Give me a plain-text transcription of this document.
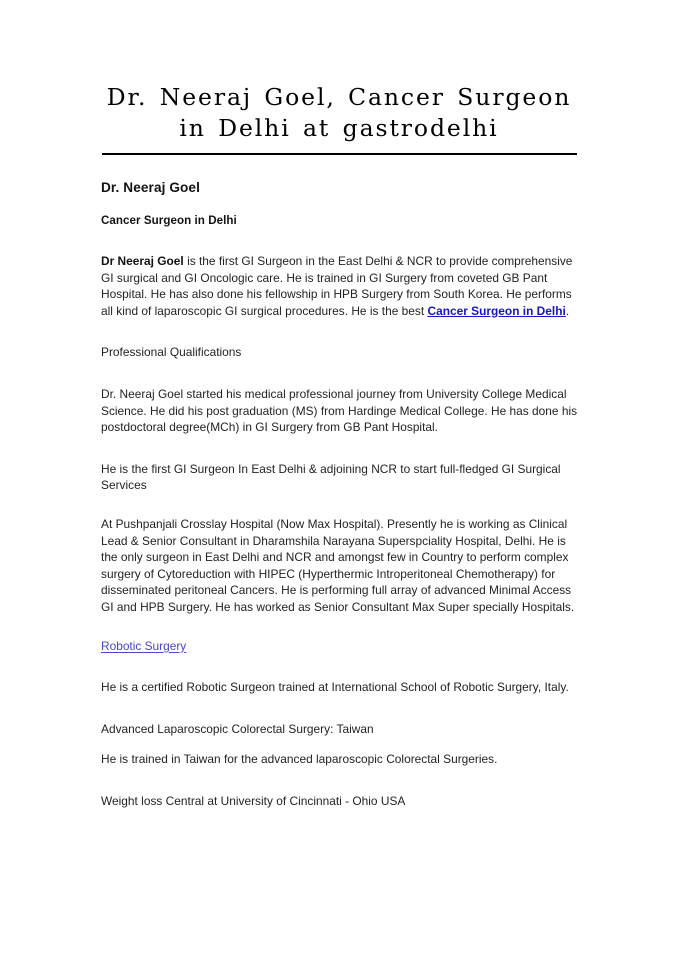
Dr. Neeraj Goel, Cancer Surgeon in Delhi at gastrodelhi
Dr. Neeraj Goel
Cancer Surgeon in Delhi

Dr Neeraj Goel is the first GI Surgeon in the East Delhi & NCR to provide comprehensive GI surgical and GI Oncologic care. He is trained in GI Surgery from coveted GB Pant Hospital. He has also done his fellowship in HPB Surgery from South Korea. He performs all kind of laparoscopic GI surgical procedures. He is the best Cancer Surgeon in Delhi.

Professional Qualifications

Dr. Neeraj Goel started his medical professional journey from University College Medical Science. He did his post graduation (MS) from Hardinge Medical College. He has done his postdoctoral degree(MCh) in GI Surgery from GB Pant Hospital.

He is the first GI Surgeon In East Delhi & adjoining NCR to start full-fledged GI Surgical Services

At Pushpanjali Crosslay Hospital (Now Max Hospital). Presently he is working as Clinical Lead & Senior Consultant in Dharamshila Narayana Superspciality Hospital, Delhi. He is the only surgeon in East Delhi and NCR and amongst few in Country to perform complex surgery of Cytoreduction with HIPEC (Hyperthermic Introperitoneal Chemotherapy) for disseminated peritoneal Cancers. He is performing full array of advanced Minimal Access GI and HPB Surgery. He has worked as Senior Consultant Max Super specially Hospitals.

Robotic Surgery

He is a certified Robotic Surgeon trained at International School of Robotic Surgery, Italy.

Advanced Laparoscopic Colorectal Surgery: Taiwan

He is trained in Taiwan for the advanced laparoscopic Colorectal Surgeries.

Weight loss Central at University of Cincinnati - Ohio USA
